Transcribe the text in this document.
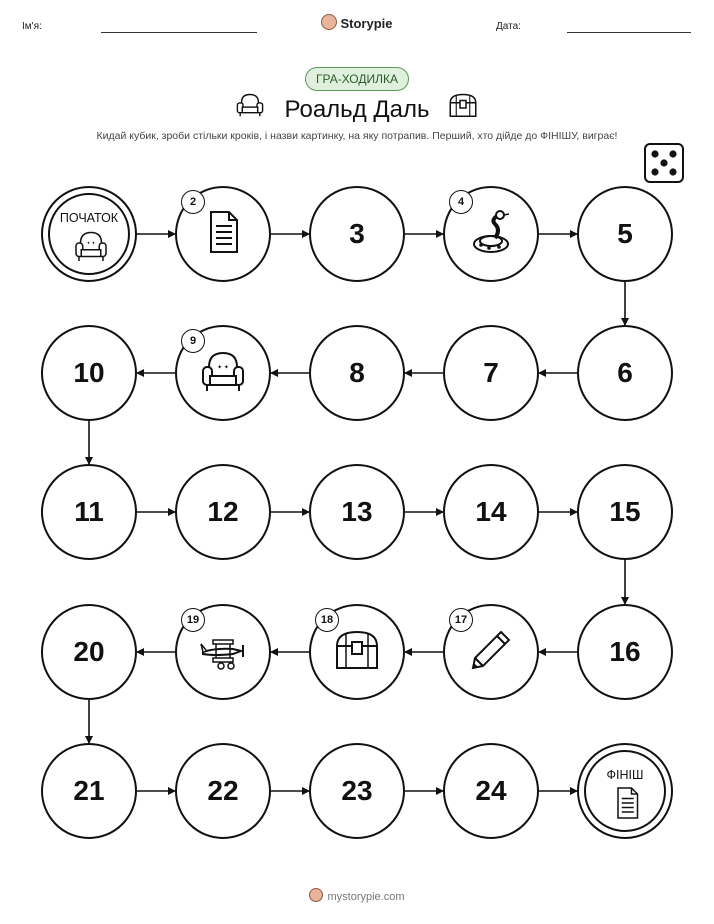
Ім'я:	Storypie	Дата:
ГРА-ХОДИЛКА
Роальд Даль
Кидай кубик, зроби стільки кроків, і назви картинку, на яку потрапив. Перший, хто дійде до ФІНІШУ, виграє!
ПОЧАТОК
✦ ✦
2
3
4
5
6
7
8
✦ ✦
9
10
11	12	13	14	15
16
17
18
19
20
21	22	23	24	ФІНІШ
mystorypie.com
